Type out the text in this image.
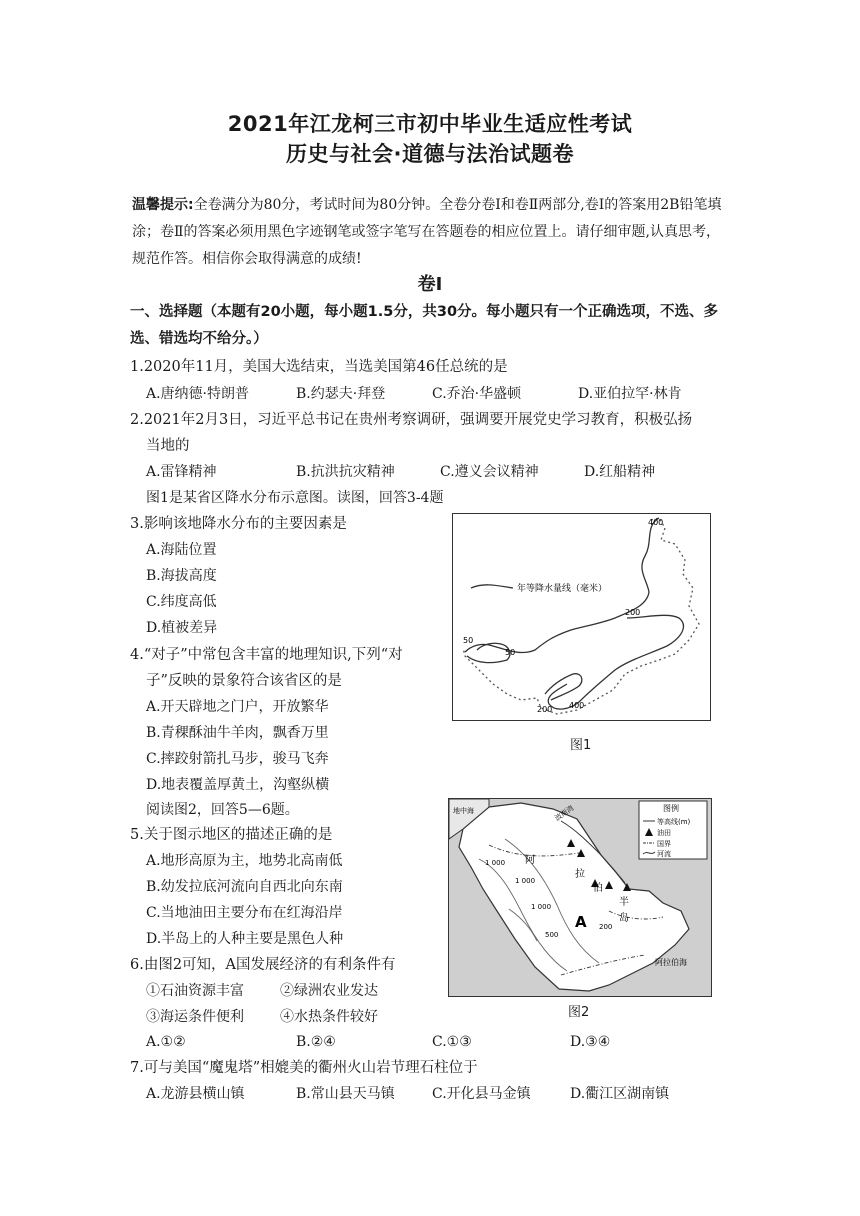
2021年江龙柯三市初中毕业生适应性考试
历史与社会·道德与法治试题卷
温馨提示:全卷满分为80分，考试时间为80分钟。全卷分卷Ⅰ和卷Ⅱ两部分,卷Ⅰ的答案用2B铅笔填涂；卷Ⅱ的答案必须用黑色字迹钢笔或签字笔写在答题卷的相应位置上。请仔细审题,认真思考，规范作答。相信你会取得满意的成绩!
卷Ⅰ
一、选择题（本题有20小题，每小题1.5分，共30分。每小题只有一个正确选项，不选、多选、错选均不给分。）
1.2020年11月，美国大选结束，当选美国第46任总统的是
A.唐纳德·特朗普	B.约瑟夫·拜登	C.乔治·华盛顿	D.亚伯拉罕·林肯
2.2021年2月3日，习近平总书记在贵州考察调研，强调要开展党史学习教育，积极弘扬
当地的
A.雷锋精神	B.抗洪抗灾精神	C.遵义会议精神	D.红船精神
图1是某省区降水分布示意图。读图，回答3-4题
3.影响该地降水分布的主要因素是
A.海陆位置
B.海拔高度
C.纬度高低
D.植被差异
4.“对子”中常包含丰富的地理知识,下列“对
子”反映的景象符合该省区的是
A.开天辟地之门户，开放繁华
B.青稞酥油牛羊肉，飘香万里
C.摔跤射箭扎马步，骏马飞奔
D.地表覆盖厚黄土，沟壑纵横
阅读图2，回答5—6题。
5.关于图示地区的描述正确的是
A.地形高原为主，地势北高南低
B.幼发拉底河流向自西北向东南
C.当地油田主要分布在红海沿岸
D.半岛上的人种主要是黑色人种
6.由图2可知，A国发展经济的有利条件有
①石油资源丰富	②绿洲农业发达
③海运条件便利	④水热条件较好
A.①②	B.②④	C.①③	D.③④
7.可与美国“魔鬼塔”相媲美的衢州火山岩节理石柱位于
A.龙游县横山镇	B.常山县天马镇	C.开化县马金镇	D.衢江区湖南镇
年等降水量线（毫米）
400
200
50
50
200 400
图1
图例
等高线(m)
油田
国界
河流
地中海	波斯湾
阿拉伯海
阿
拉
伯
半
岛
A
1 000
1 000
1 000
500
200
图2
